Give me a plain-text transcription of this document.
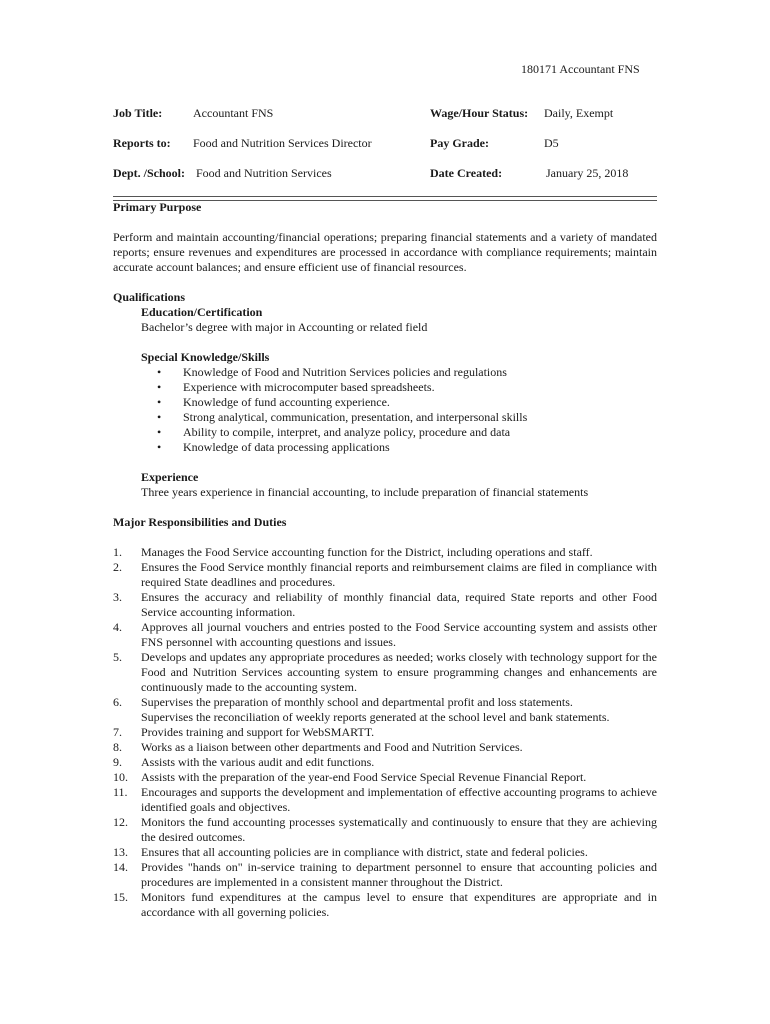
180171 Accountant FNS
Job Title:	Accountant FNS	Wage/Hour Status: Daily, Exempt
Reports to: Food and Nutrition Services Director	Pay Grade:	D5
Dept. /School: Food and Nutrition Services	Date Created:	January 25, 2018
Primary Purpose
Perform and maintain accounting/financial operations; preparing financial statements and a variety of mandated reports; ensure revenues and expenditures are processed in accordance with compliance requirements; maintain accurate account balances; and ensure efficient use of financial resources.
Qualifications
Education/Certification
Bachelor’s degree with major in Accounting or related field
Special Knowledge/Skills
• Knowledge of Food and Nutrition Services policies and regulations
• Experience with microcomputer based spreadsheets.
• Knowledge of fund accounting experience.
• Strong analytical, communication, presentation, and interpersonal skills
• Ability to compile, interpret, and analyze policy, procedure and data
• Knowledge of data processing applications
Experience
Three years experience in financial accounting, to include preparation of financial statements
Major Responsibilities and Duties
1. Manages the Food Service accounting function for the District, including operations and staff.
2. Ensures the Food Service monthly financial reports and reimbursement claims are filed in compliance with required State deadlines and procedures.
3. Ensures the accuracy and reliability of monthly financial data, required State reports and other Food Service accounting information.
4. Approves all journal vouchers and entries posted to the Food Service accounting system and assists other FNS personnel with accounting questions and issues.
5. Develops and updates any appropriate procedures as needed; works closely with technology support for the Food and Nutrition Services accounting system to ensure programming changes and enhancements are continuously made to the accounting system.
6. Supervises the preparation of monthly school and departmental profit and loss statements.
Supervises the reconciliation of weekly reports generated at the school level and bank statements.
7. Provides training and support for WebSMARTT.
8. Works as a liaison between other departments and Food and Nutrition Services.
9. Assists with the various audit and edit functions.
10. Assists with the preparation of the year-end Food Service Special Revenue Financial Report.
11. Encourages and supports the development and implementation of effective accounting programs to achieve identified goals and objectives.
12. Monitors the fund accounting processes systematically and continuously to ensure that they are achieving the desired outcomes.
13. Ensures that all accounting policies are in compliance with district, state and federal policies.
14. Provides "hands on" in-service training to department personnel to ensure that accounting policies and procedures are implemented in a consistent manner throughout the District.
15. Monitors fund expenditures at the campus level to ensure that expenditures are appropriate and in accordance with all governing policies.
